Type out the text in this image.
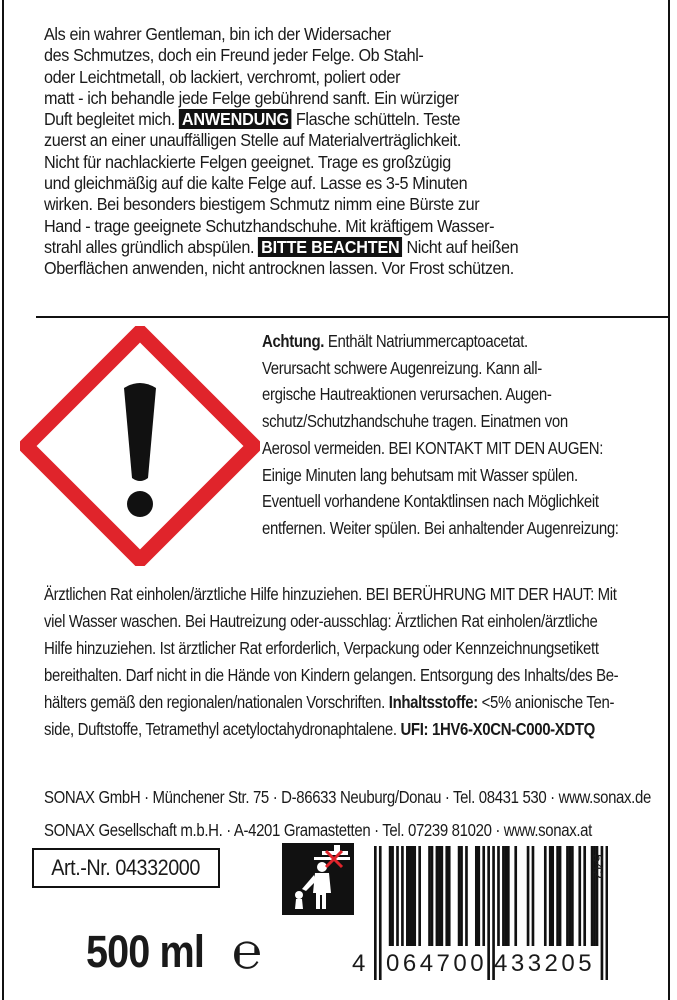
Als ein wahrer Gentleman, bin ich der Widersacher
des Schmutzes, doch ein Freund jeder Felge. Ob Stahl-
oder Leichtmetall, ob lackiert, verchromt, poliert oder
matt - ich behandle jede Felge gebührend sanft. Ein würziger
Duft begleitet mich. ANWENDUNG Flasche schütteln. Teste
zuerst an einer unauffälligen Stelle auf Materialverträglichkeit.
Nicht für nachlackierte Felgen geeignet. Trage es großzügig
und gleichmäßig auf die kalte Felge auf. Lasse es 3-5 Minuten
wirken. Bei besonders biestigem Schmutz nimm eine Bürste zur
Hand - trage geeignete Schutzhandschuhe. Mit kräftigem Wasser-
strahl alles gründlich abspülen. BITTE BEACHTEN Nicht auf heißen
Oberflächen anwenden, nicht antrocknen lassen. Vor Frost schützen.
Achtung. Enthält Natriummercaptoacetat.
Verursacht schwere Augenreizung. Kann all-
ergische Hautreaktionen verursachen. Augen-
schutz/Schutzhandschuhe tragen. Einatmen von
Aerosol vermeiden. BEI KONTAKT MIT DEN AUGEN:
Einige Minuten lang behutsam mit Wasser spülen.
Eventuell vorhandene Kontaktlinsen nach Möglichkeit
entfernen. Weiter spülen. Bei anhaltender Augenreizung:
Ärztlichen Rat einholen/ärztliche Hilfe hinzuziehen. BEI BERÜHRUNG MIT DER HAUT: Mit
viel Wasser waschen. Bei Hautreizung oder-ausschlag: Ärztlichen Rat einholen/ärztliche
Hilfe hinzuziehen. Ist ärztlicher Rat erforderlich, Verpackung oder Kennzeichnungsetikett
bereithalten. Darf nicht in die Hände von Kindern gelangen. Entsorgung des Inhalts/des Be-
hälters gemäß den regionalen/nationalen Vorschriften. Inhaltsstoffe: <5% anionische Ten-
side, Duftstoffe, Tetramethyl acetyloctahydronaphtalene. UFI: 1HV6-X0CN-C000-XDTQ
SONAX GmbH · Münchener Str. 75 · D-86633 Neuburg/Donau · Tel. 08431 530 · www.sonax.de
SONAX Gesellschaft m.b.H. · A-4201 Gramastetten · Tel. 07239 81020 · www.sonax.at
Art.-Nr. 04332000
500 ml ℮	4 064700 433205
542
